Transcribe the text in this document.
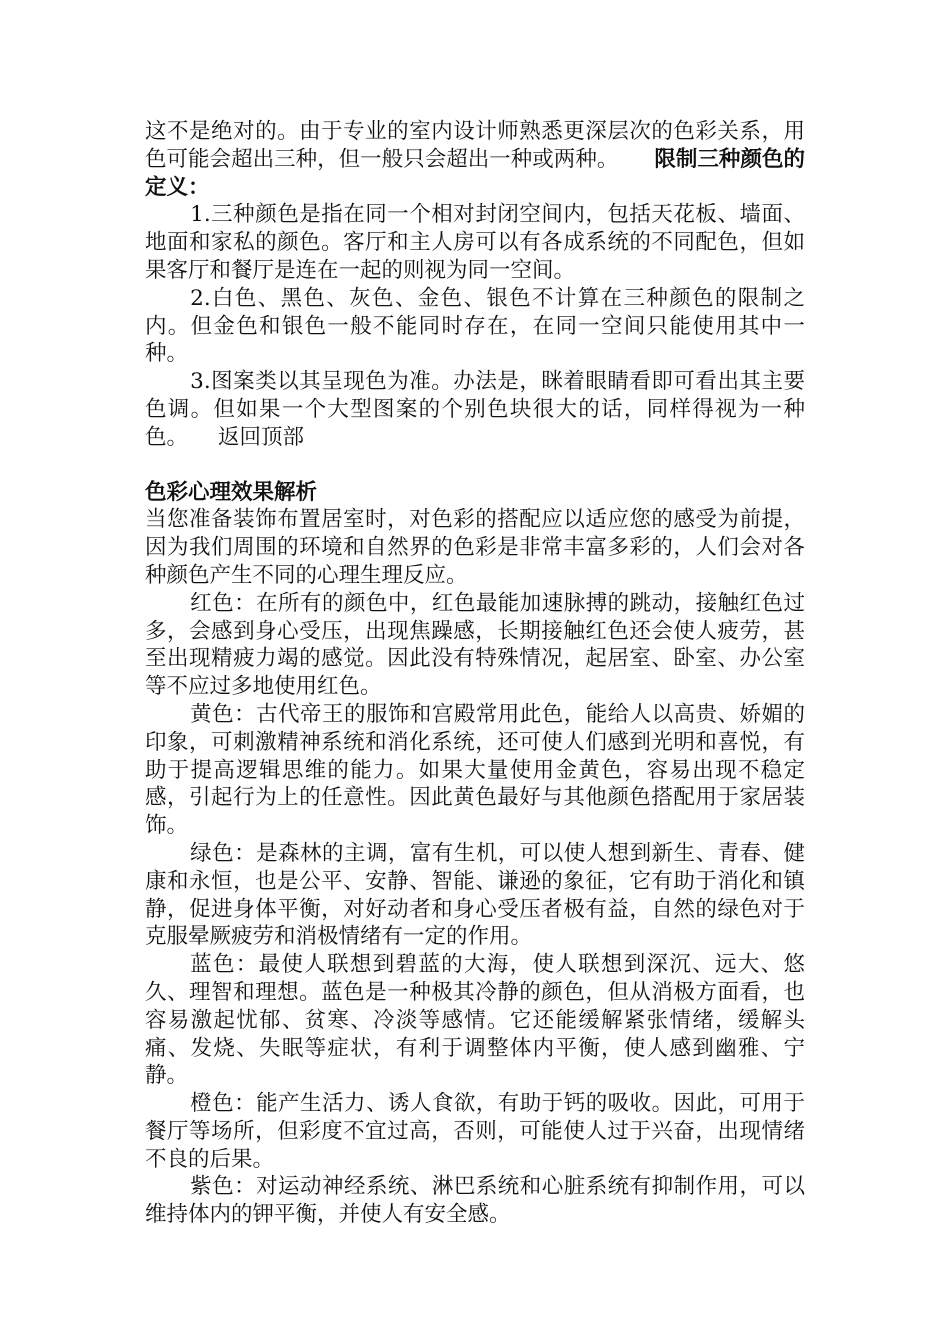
这不是绝对的。由于专业的室内设计师熟悉更深层次的色彩关系，用色可能会超出三种，但一般只会超出一种或两种。 限制三种颜色的定义：

1.三种颜色是指在同一个相对封闭空间内，包括天花板、墙面、地面和家私的颜色。客厅和主人房可以有各成系统的不同配色，但如果客厅和餐厅是连在一起的则视为同一空间。

2.白色、黑色、灰色、金色、银色不计算在三种颜色的限制之内。但金色和银色一般不能同时存在，在同一空间只能使用其中一种。

3.图案类以其呈现色为准。办法是，眯着眼睛看即可看出其主要色调。但如果一个大型图案的个别色块很大的话，同样得视为一种色。 返回顶部

色彩心理效果解析

当您准备装饰布置居室时，对色彩的搭配应以适应您的感受为前提，因为我们周围的环境和自然界的色彩是非常丰富多彩的，人们会对各种颜色产生不同的心理生理反应。

红色：在所有的颜色中，红色最能加速脉搏的跳动，接触红色过多，会感到身心受压，出现焦躁感，长期接触红色还会使人疲劳，甚至出现精疲力竭的感觉。因此没有特殊情况，起居室、卧室、办公室等不应过多地使用红色。

黄色：古代帝王的服饰和宫殿常用此色，能给人以高贵、娇媚的印象，可刺激精神系统和消化系统，还可使人们感到光明和喜悦，有助于提高逻辑思维的能力。如果大量使用金黄色，容易出现不稳定感，引起行为上的任意性。因此黄色最好与其他颜色搭配用于家居装饰。

绿色：是森林的主调，富有生机，可以使人想到新生、青春、健康和永恒，也是公平、安静、智能、谦逊的象征，它有助于消化和镇静，促进身体平衡，对好动者和身心受压者极有益，自然的绿色对于克服晕厥疲劳和消极情绪有一定的作用。

蓝色：最使人联想到碧蓝的大海，使人联想到深沉、远大、悠久、理智和理想。蓝色是一种极其冷静的颜色，但从消极方面看，也容易激起忧郁、贫寒、冷淡等感情。它还能缓解紧张情绪，缓解头痛、发烧、失眠等症状，有利于调整体内平衡，使人感到幽雅、宁静。

橙色：能产生活力、诱人食欲，有助于钙的吸收。因此，可用于餐厅等场所，但彩度不宜过高，否则，可能使人过于兴奋，出现情绪不良的后果。

紫色：对运动神经系统、淋巴系统和心脏系统有抑制作用，可以维持体内的钾平衡，并使人有安全感。
